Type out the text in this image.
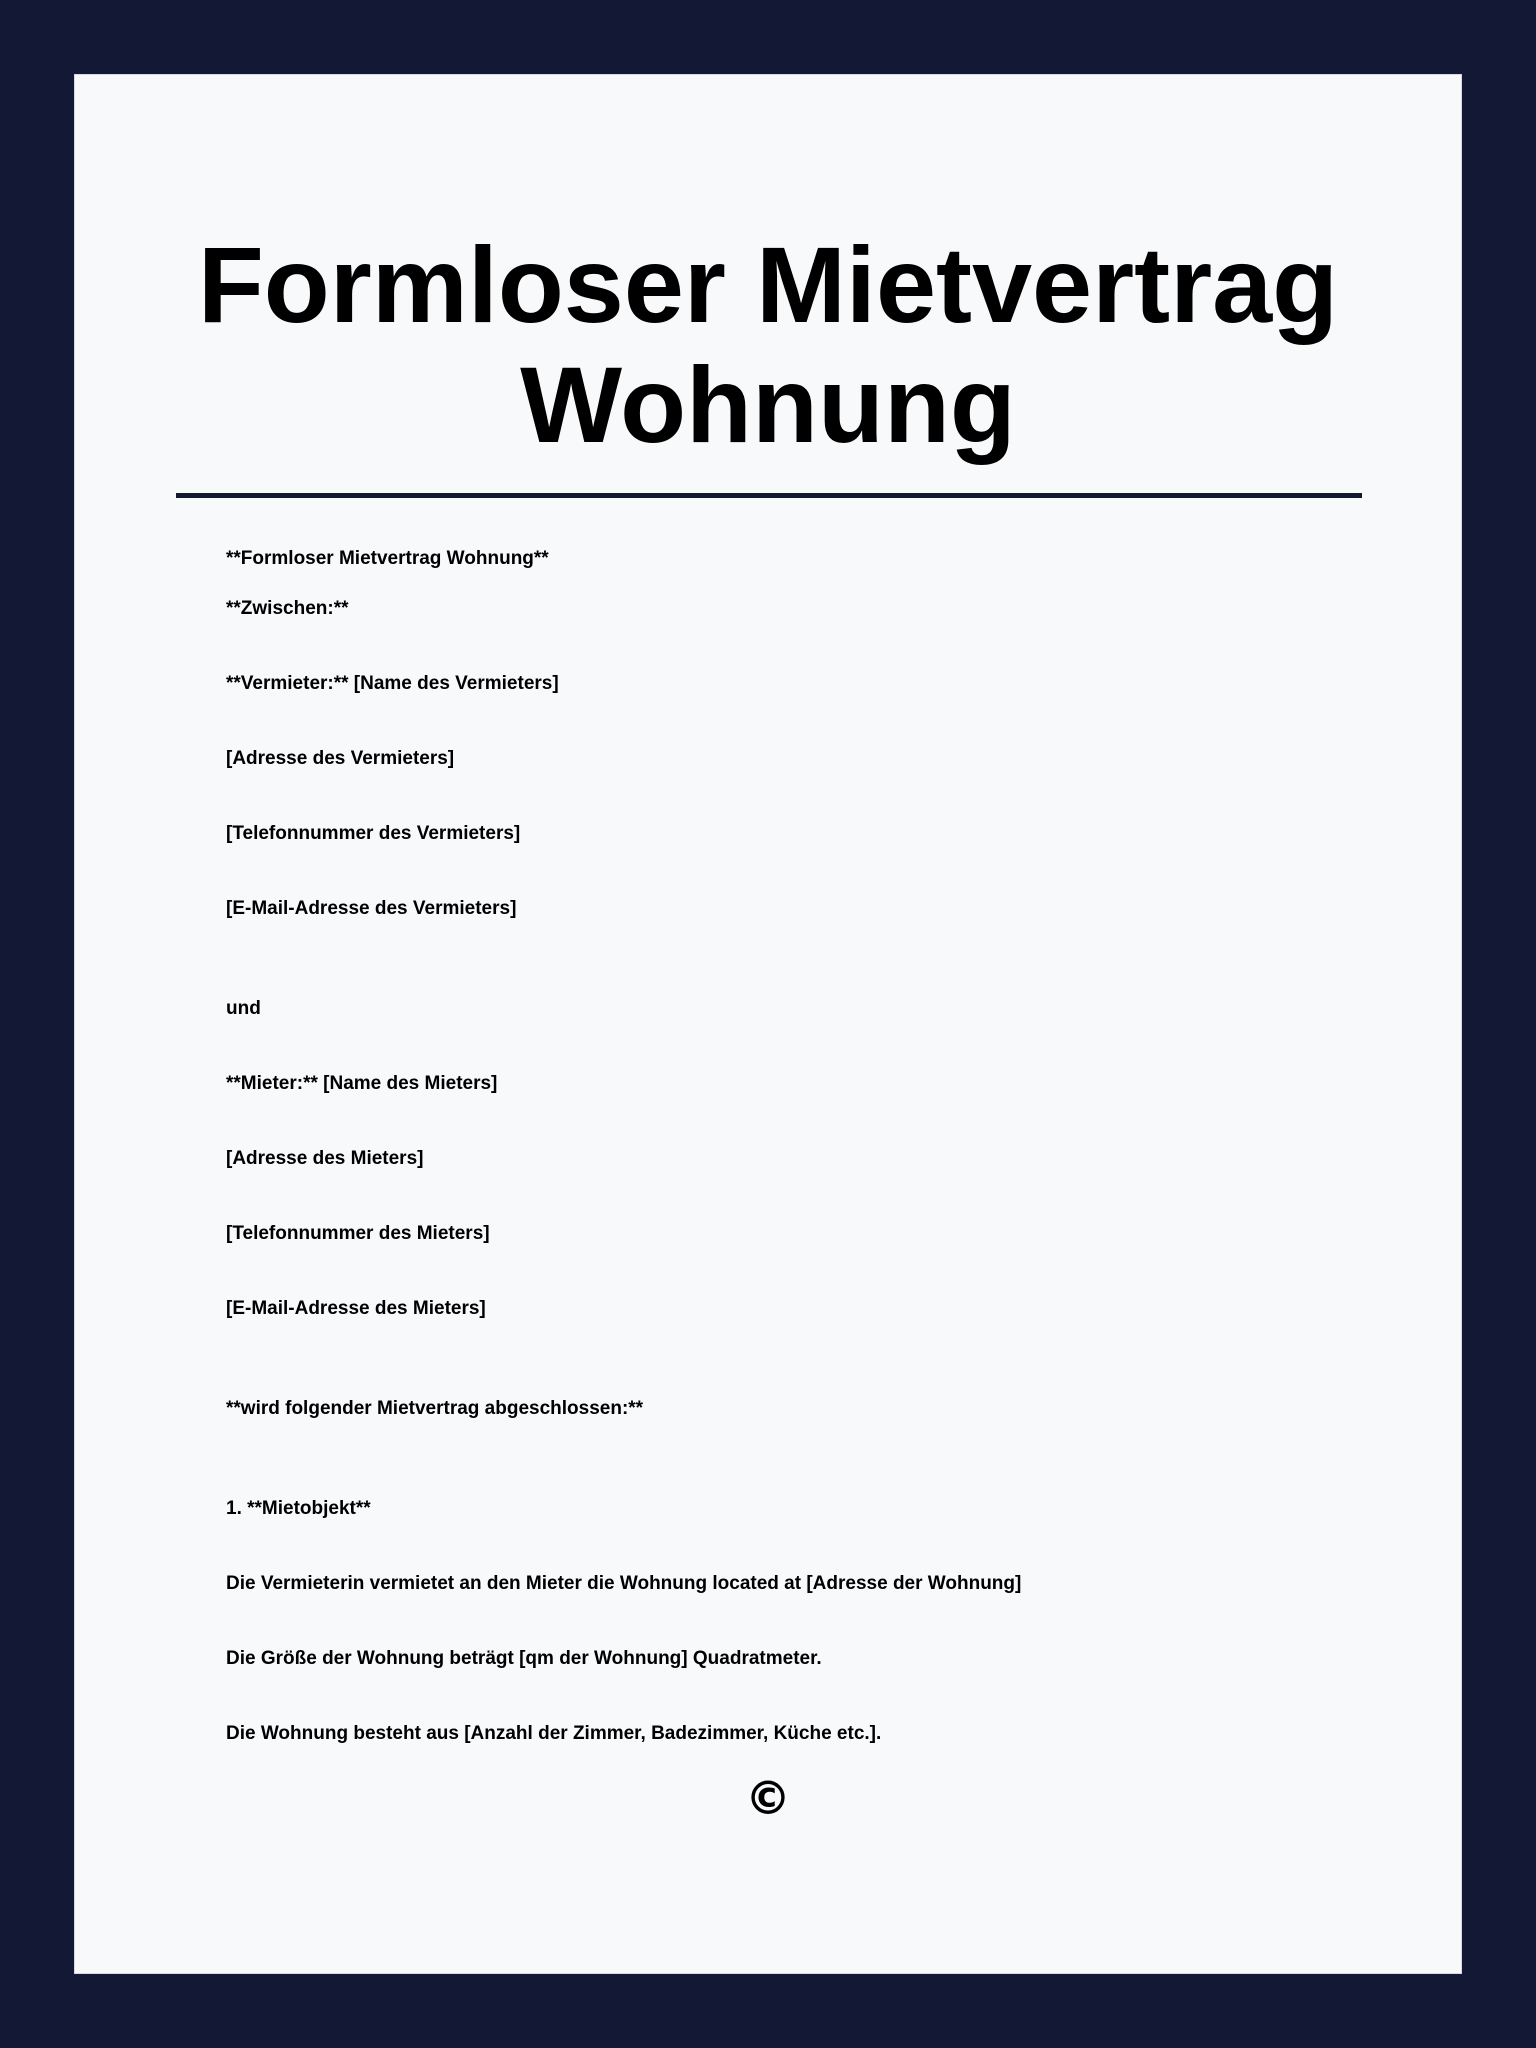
Formloser Mietvertrag Wohnung

**Formloser Mietvertrag Wohnung**

**Zwischen:**

**Vermieter:** [Name des Vermieters]

[Adresse des Vermieters]

[Telefonnummer des Vermieters]

[E-Mail-Adresse des Vermieters]

und

**Mieter:** [Name des Mieters]

[Adresse des Mieters]

[Telefonnummer des Mieters]

[E-Mail-Adresse des Mieters]

**wird folgender Mietvertrag abgeschlossen:**

1. **Mietobjekt**

Die Vermieterin vermietet an den Mieter die Wohnung located at [Adresse der Wohnung]

Die Größe der Wohnung beträgt [qm der Wohnung] Quadratmeter.

Die Wohnung besteht aus [Anzahl der Zimmer, Badezimmer, Küche etc.].

©
